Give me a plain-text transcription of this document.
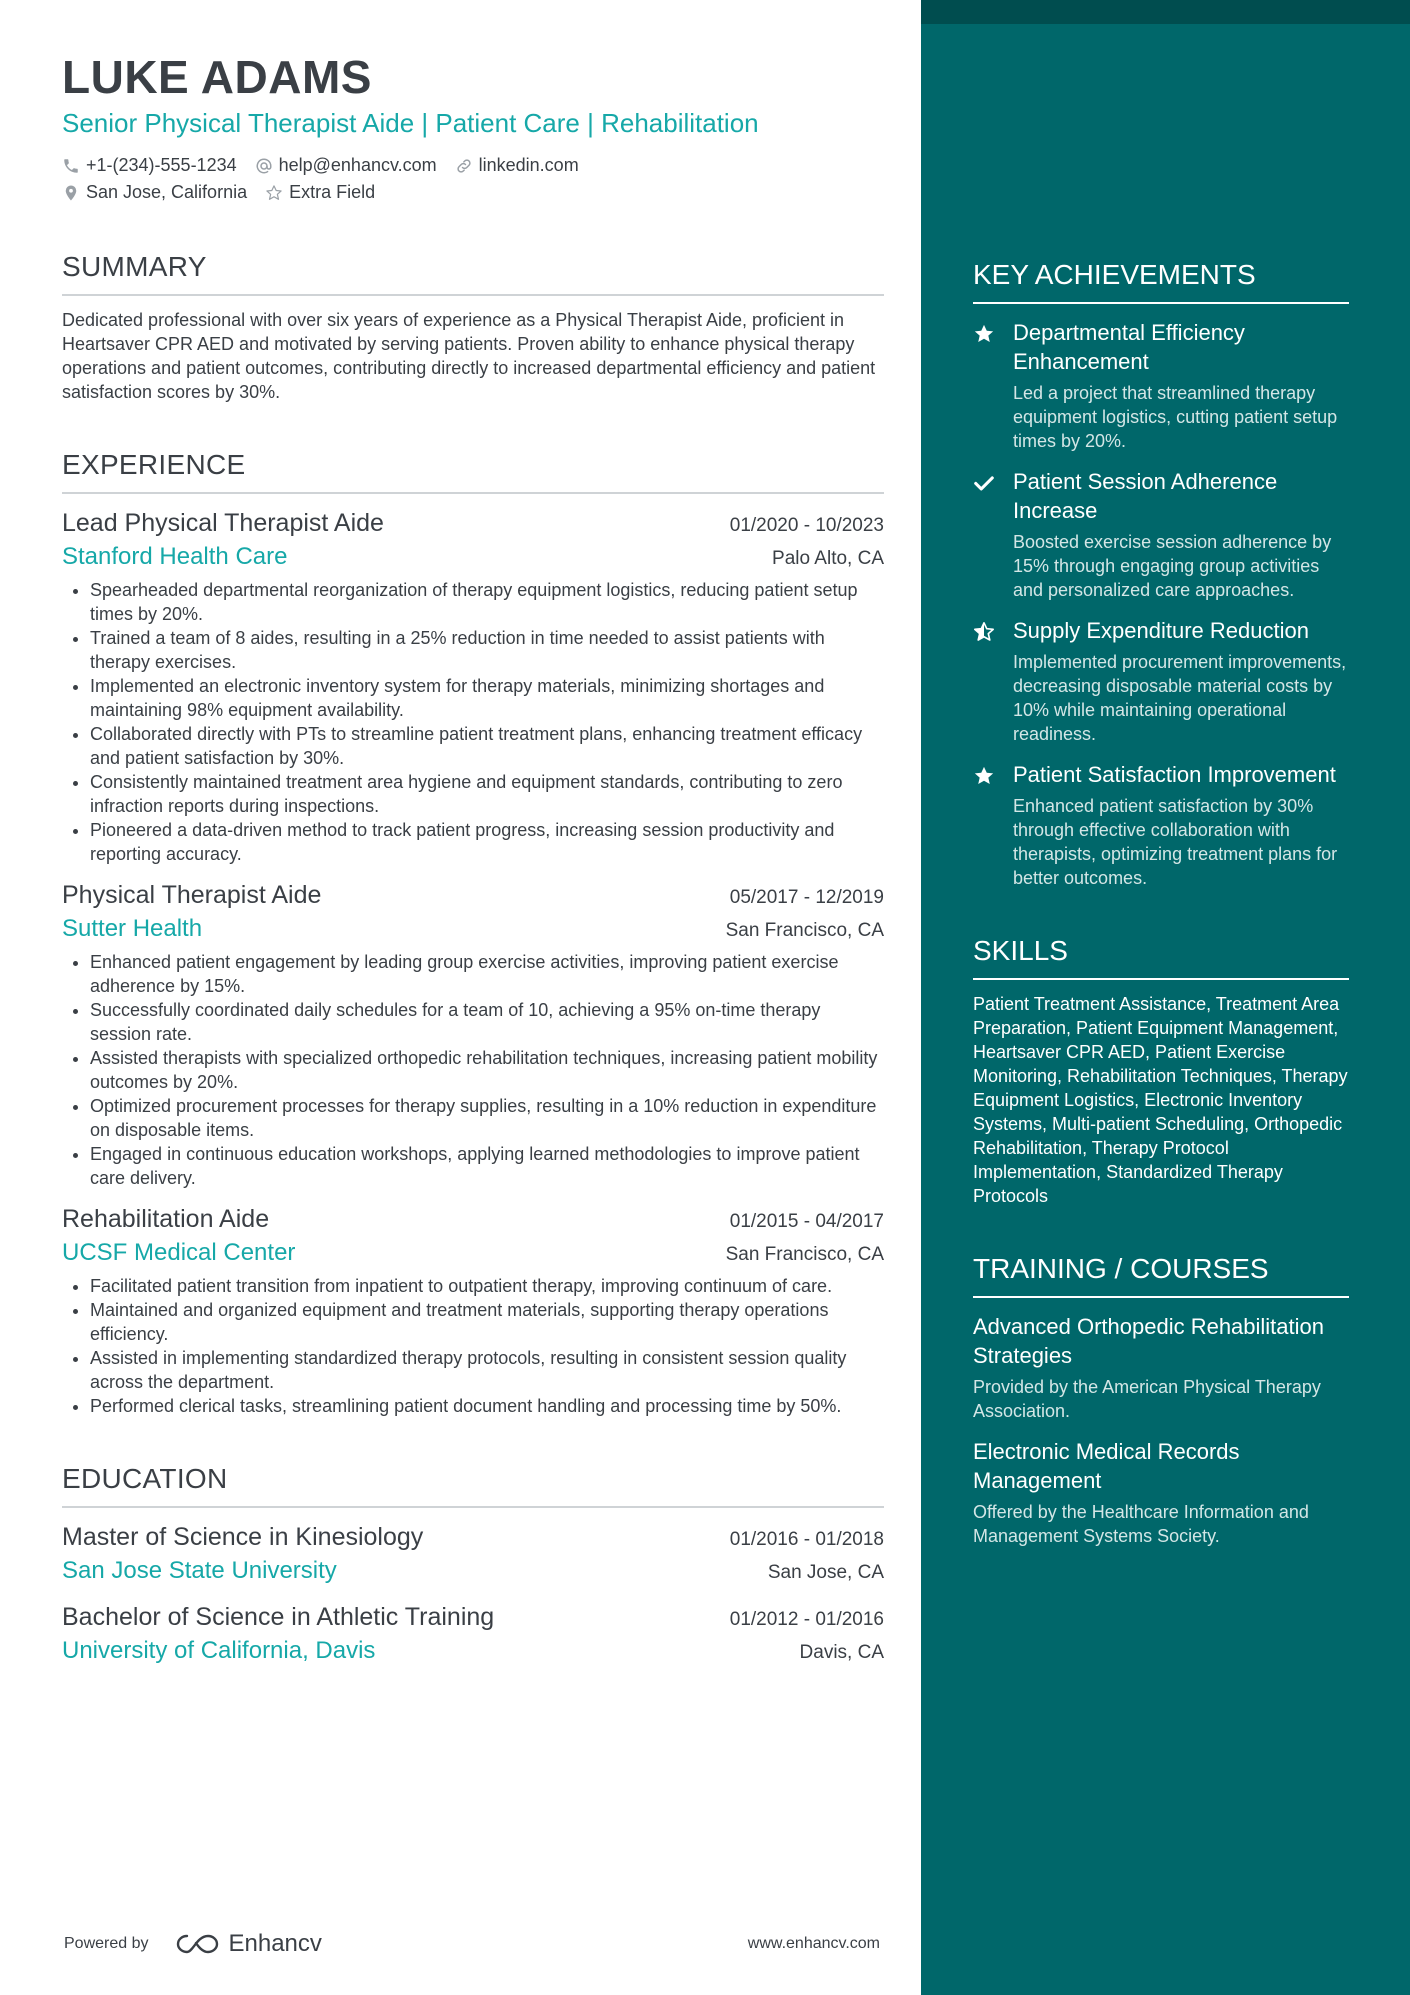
LUKE ADAMS
Senior Physical Therapist Aide | Patient Care | Rehabilitation
+1-(234)-555-1234 help@enhancv.com linkedin.com
San Jose, California Extra Field
SUMMARY
Dedicated professional with over six years of experience as a Physical Therapist Aide, proficient in Heartsaver CPR AED and motivated by serving patients. Proven ability to enhance physical therapy operations and patient outcomes, contributing directly to increased departmental efficiency and patient satisfaction scores by 30%.
EXPERIENCE
Lead Physical Therapist Aide	01/2020 - 10/2023
Stanford Health Care	Palo Alto, CA
• Spearheaded departmental reorganization of therapy equipment logistics, reducing patient setup times by 20%.
• Trained a team of 8 aides, resulting in a 25% reduction in time needed to assist patients with therapy exercises.
• Implemented an electronic inventory system for therapy materials, minimizing shortages and maintaining 98% equipment availability.
• Collaborated directly with PTs to streamline patient treatment plans, enhancing treatment efficacy and patient satisfaction by 30%.
• Consistently maintained treatment area hygiene and equipment standards, contributing to zero infraction reports during inspections.
• Pioneered a data-driven method to track patient progress, increasing session productivity and reporting accuracy.
Physical Therapist Aide	05/2017 - 12/2019
Sutter Health	San Francisco, CA
• Enhanced patient engagement by leading group exercise activities, improving patient exercise adherence by 15%.
• Successfully coordinated daily schedules for a team of 10, achieving a 95% on-time therapy session rate.
• Assisted therapists with specialized orthopedic rehabilitation techniques, increasing patient mobility outcomes by 20%.
• Optimized procurement processes for therapy supplies, resulting in a 10% reduction in expenditure on disposable items.
• Engaged in continuous education workshops, applying learned methodologies to improve patient care delivery.
Rehabilitation Aide	01/2015 - 04/2017
UCSF Medical Center	San Francisco, CA
• Facilitated patient transition from inpatient to outpatient therapy, improving continuum of care.
• Maintained and organized equipment and treatment materials, supporting therapy operations efficiency.
• Assisted in implementing standardized therapy protocols, resulting in consistent session quality across the department.
• Performed clerical tasks, streamlining patient document handling and processing time by 50%.
EDUCATION
Master of Science in Kinesiology	01/2016 - 01/2018
San Jose State University	San Jose, CA
Bachelor of Science in Athletic Training	01/2012 - 01/2016
University of California, Davis	Davis, CA
KEY ACHIEVEMENTS
Departmental Efficiency Enhancement
Led a project that streamlined therapy equipment logistics, cutting patient setup times by 20%.
Patient Session Adherence Increase
Boosted exercise session adherence by 15% through engaging group activities and personalized care approaches.
Supply Expenditure Reduction
Implemented procurement improvements, decreasing disposable material costs by 10% while maintaining operational readiness.
Patient Satisfaction Improvement
Enhanced patient satisfaction by 30% through effective collaboration with therapists, optimizing treatment plans for better outcomes.
SKILLS
Patient Treatment Assistance, Treatment Area Preparation, Patient Equipment Management, Heartsaver CPR AED, Patient Exercise Monitoring, Rehabilitation Techniques, Therapy Equipment Logistics, Electronic Inventory Systems, Multi-patient Scheduling, Orthopedic Rehabilitation, Therapy Protocol Implementation, Standardized Therapy Protocols
TRAINING / COURSES
Advanced Orthopedic Rehabilitation Strategies
Provided by the American Physical Therapy Association.
Electronic Medical Records Management
Offered by the Healthcare Information and Management Systems Society.
Powered by	Enhancv	www.enhancv.com
